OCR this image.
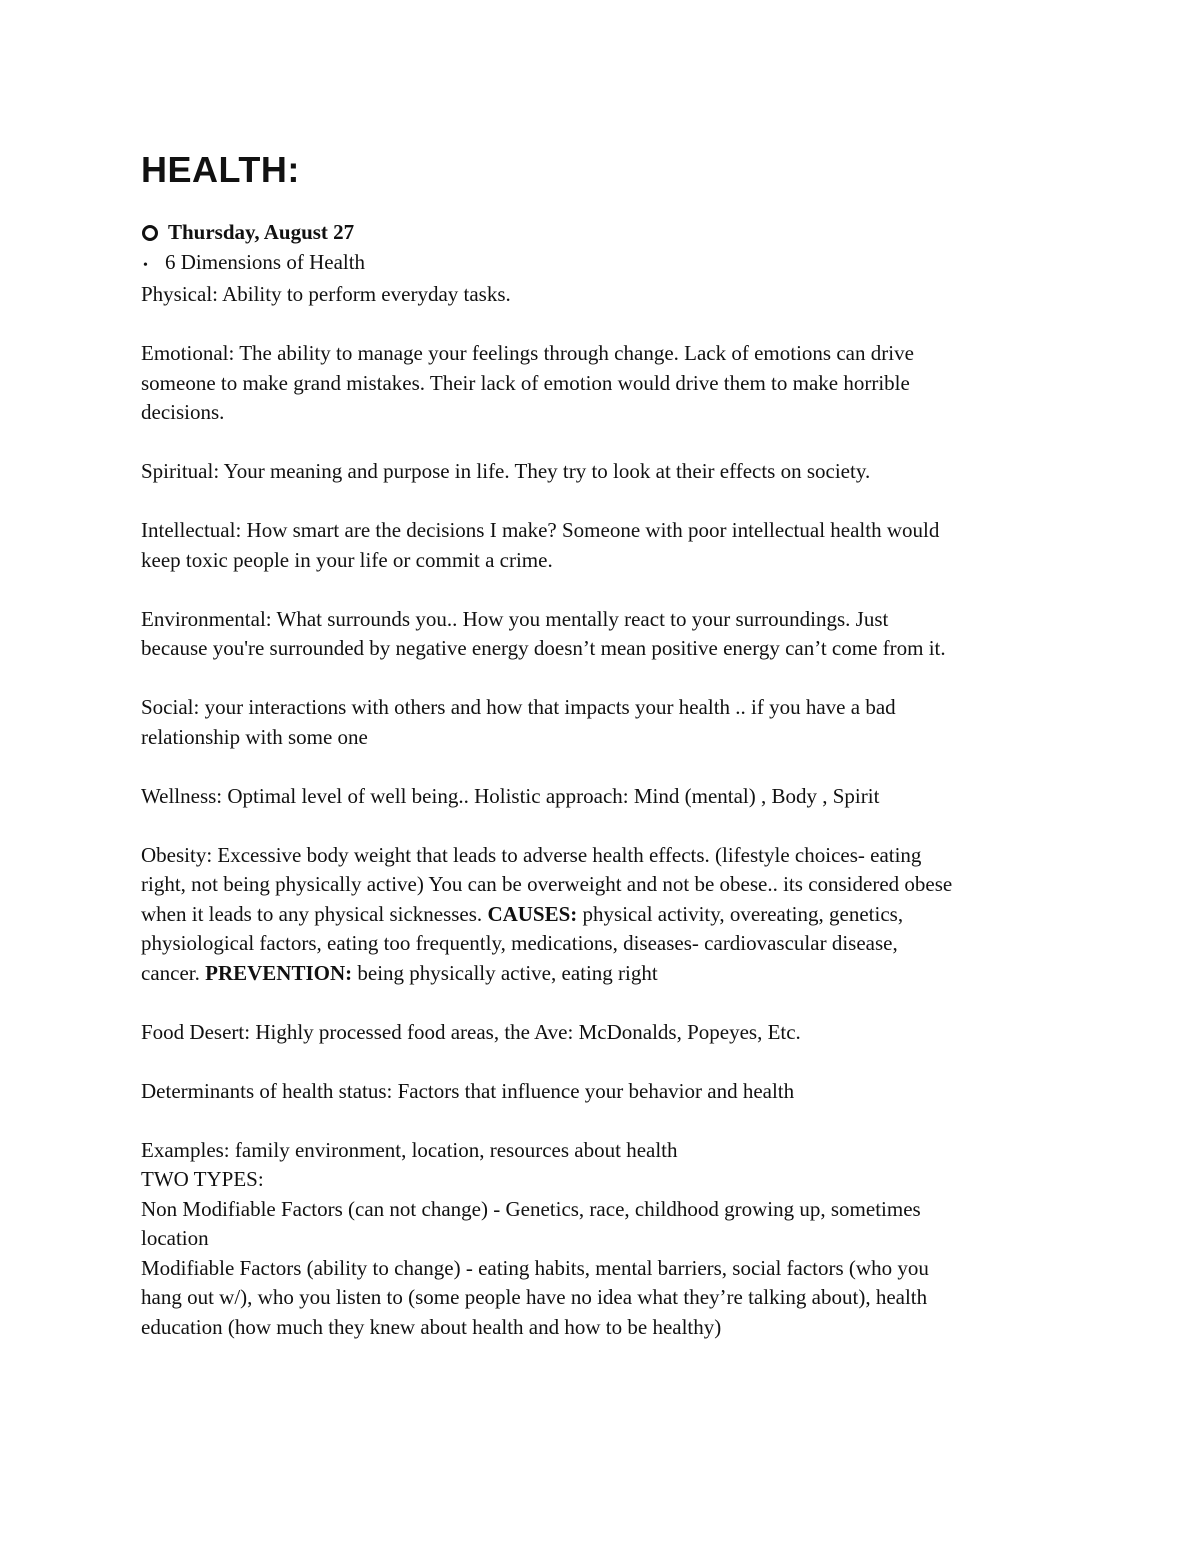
HEALTH:
Thursday, August 27
• 6 Dimensions of Health
Physical: Ability to perform everyday tasks.
Emotional: The ability to manage your feelings through change. Lack of emotions can drive
someone to make grand mistakes. Their lack of emotion would drive them to make horrible
decisions.
Spiritual: Your meaning and purpose in life. They try to look at their effects on society.
Intellectual: How smart are the decisions I make? Someone with poor intellectual health would
keep toxic people in your life or commit a crime.
Environmental: What surrounds you.. How you mentally react to your surroundings. Just
because you're surrounded by negative energy doesn’t mean positive energy can’t come from it.
Social: your interactions with others and how that impacts your health .. if you have a bad
relationship with some one
Wellness: Optimal level of well being.. Holistic approach: Mind (mental) , Body , Spirit
Obesity: Excessive body weight that leads to adverse health effects. (lifestyle choices- eating
right, not being physically active) You can be overweight and not be obese.. its considered obese
when it leads to any physical sicknesses. CAUSES: physical activity, overeating, genetics,
physiological factors, eating too frequently, medications, diseases- cardiovascular disease,
cancer. PREVENTION: being physically active, eating right
Food Desert: Highly processed food areas, the Ave: McDonalds, Popeyes, Etc.
Determinants of health status: Factors that influence your behavior and health
Examples: family environment, location, resources about health
TWO TYPES:
Non Modifiable Factors (can not change) - Genetics, race, childhood growing up, sometimes
location
Modifiable Factors (ability to change) - eating habits, mental barriers, social factors (who you
hang out w/), who you listen to (some people have no idea what they’re talking about), health
education (how much they knew about health and how to be healthy)
